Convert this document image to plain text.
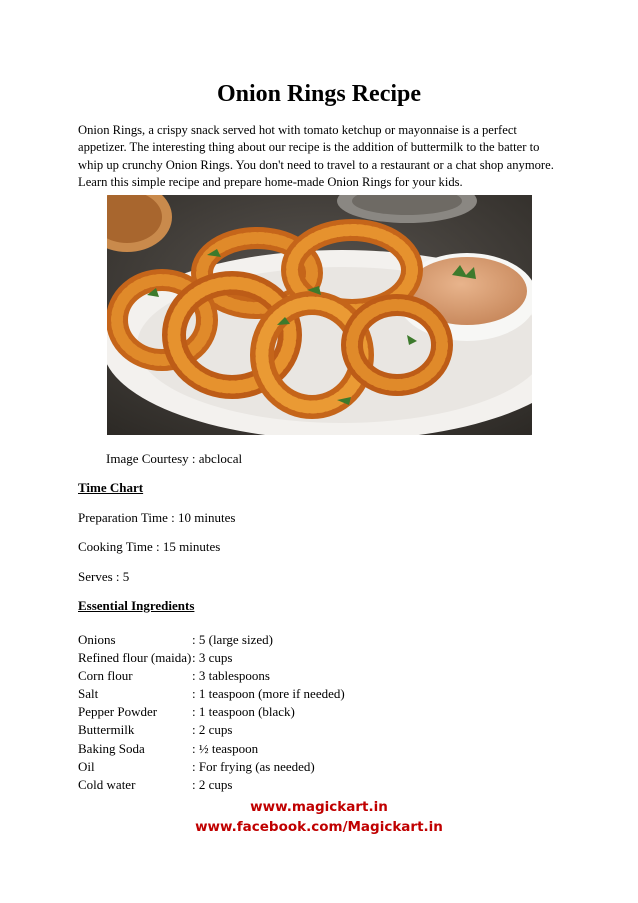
Onion Rings Recipe

Onion Rings, a crispy snack served hot with tomato ketchup or mayonnaise is a perfect appetizer. The interesting thing about our recipe is the addition of buttermilk to the batter to whip up crunchy Onion Rings. You don't need to travel to a restaurant or a chat shop anymore. Learn this simple recipe and prepare home-made Onion Rings for your kids.

Image Courtesy : abclocal

Time Chart

Preparation Time : 10 minutes

Cooking Time : 15 minutes

Serves : 5

Essential Ingredients

Onions	: 5 (large sized)
Refined flour (maida) : 3 cups
Corn flour	: 3 tablespoons
Salt	: 1 teaspoon (more if needed)
Pepper Powder	: 1 teaspoon (black)
Buttermilk	: 2 cups
Baking Soda	: ½ teaspoon
Oil	: For frying (as needed)
Cold water	: 2 cups

www.magickart.in

www.facebook.com/Magickart.in
